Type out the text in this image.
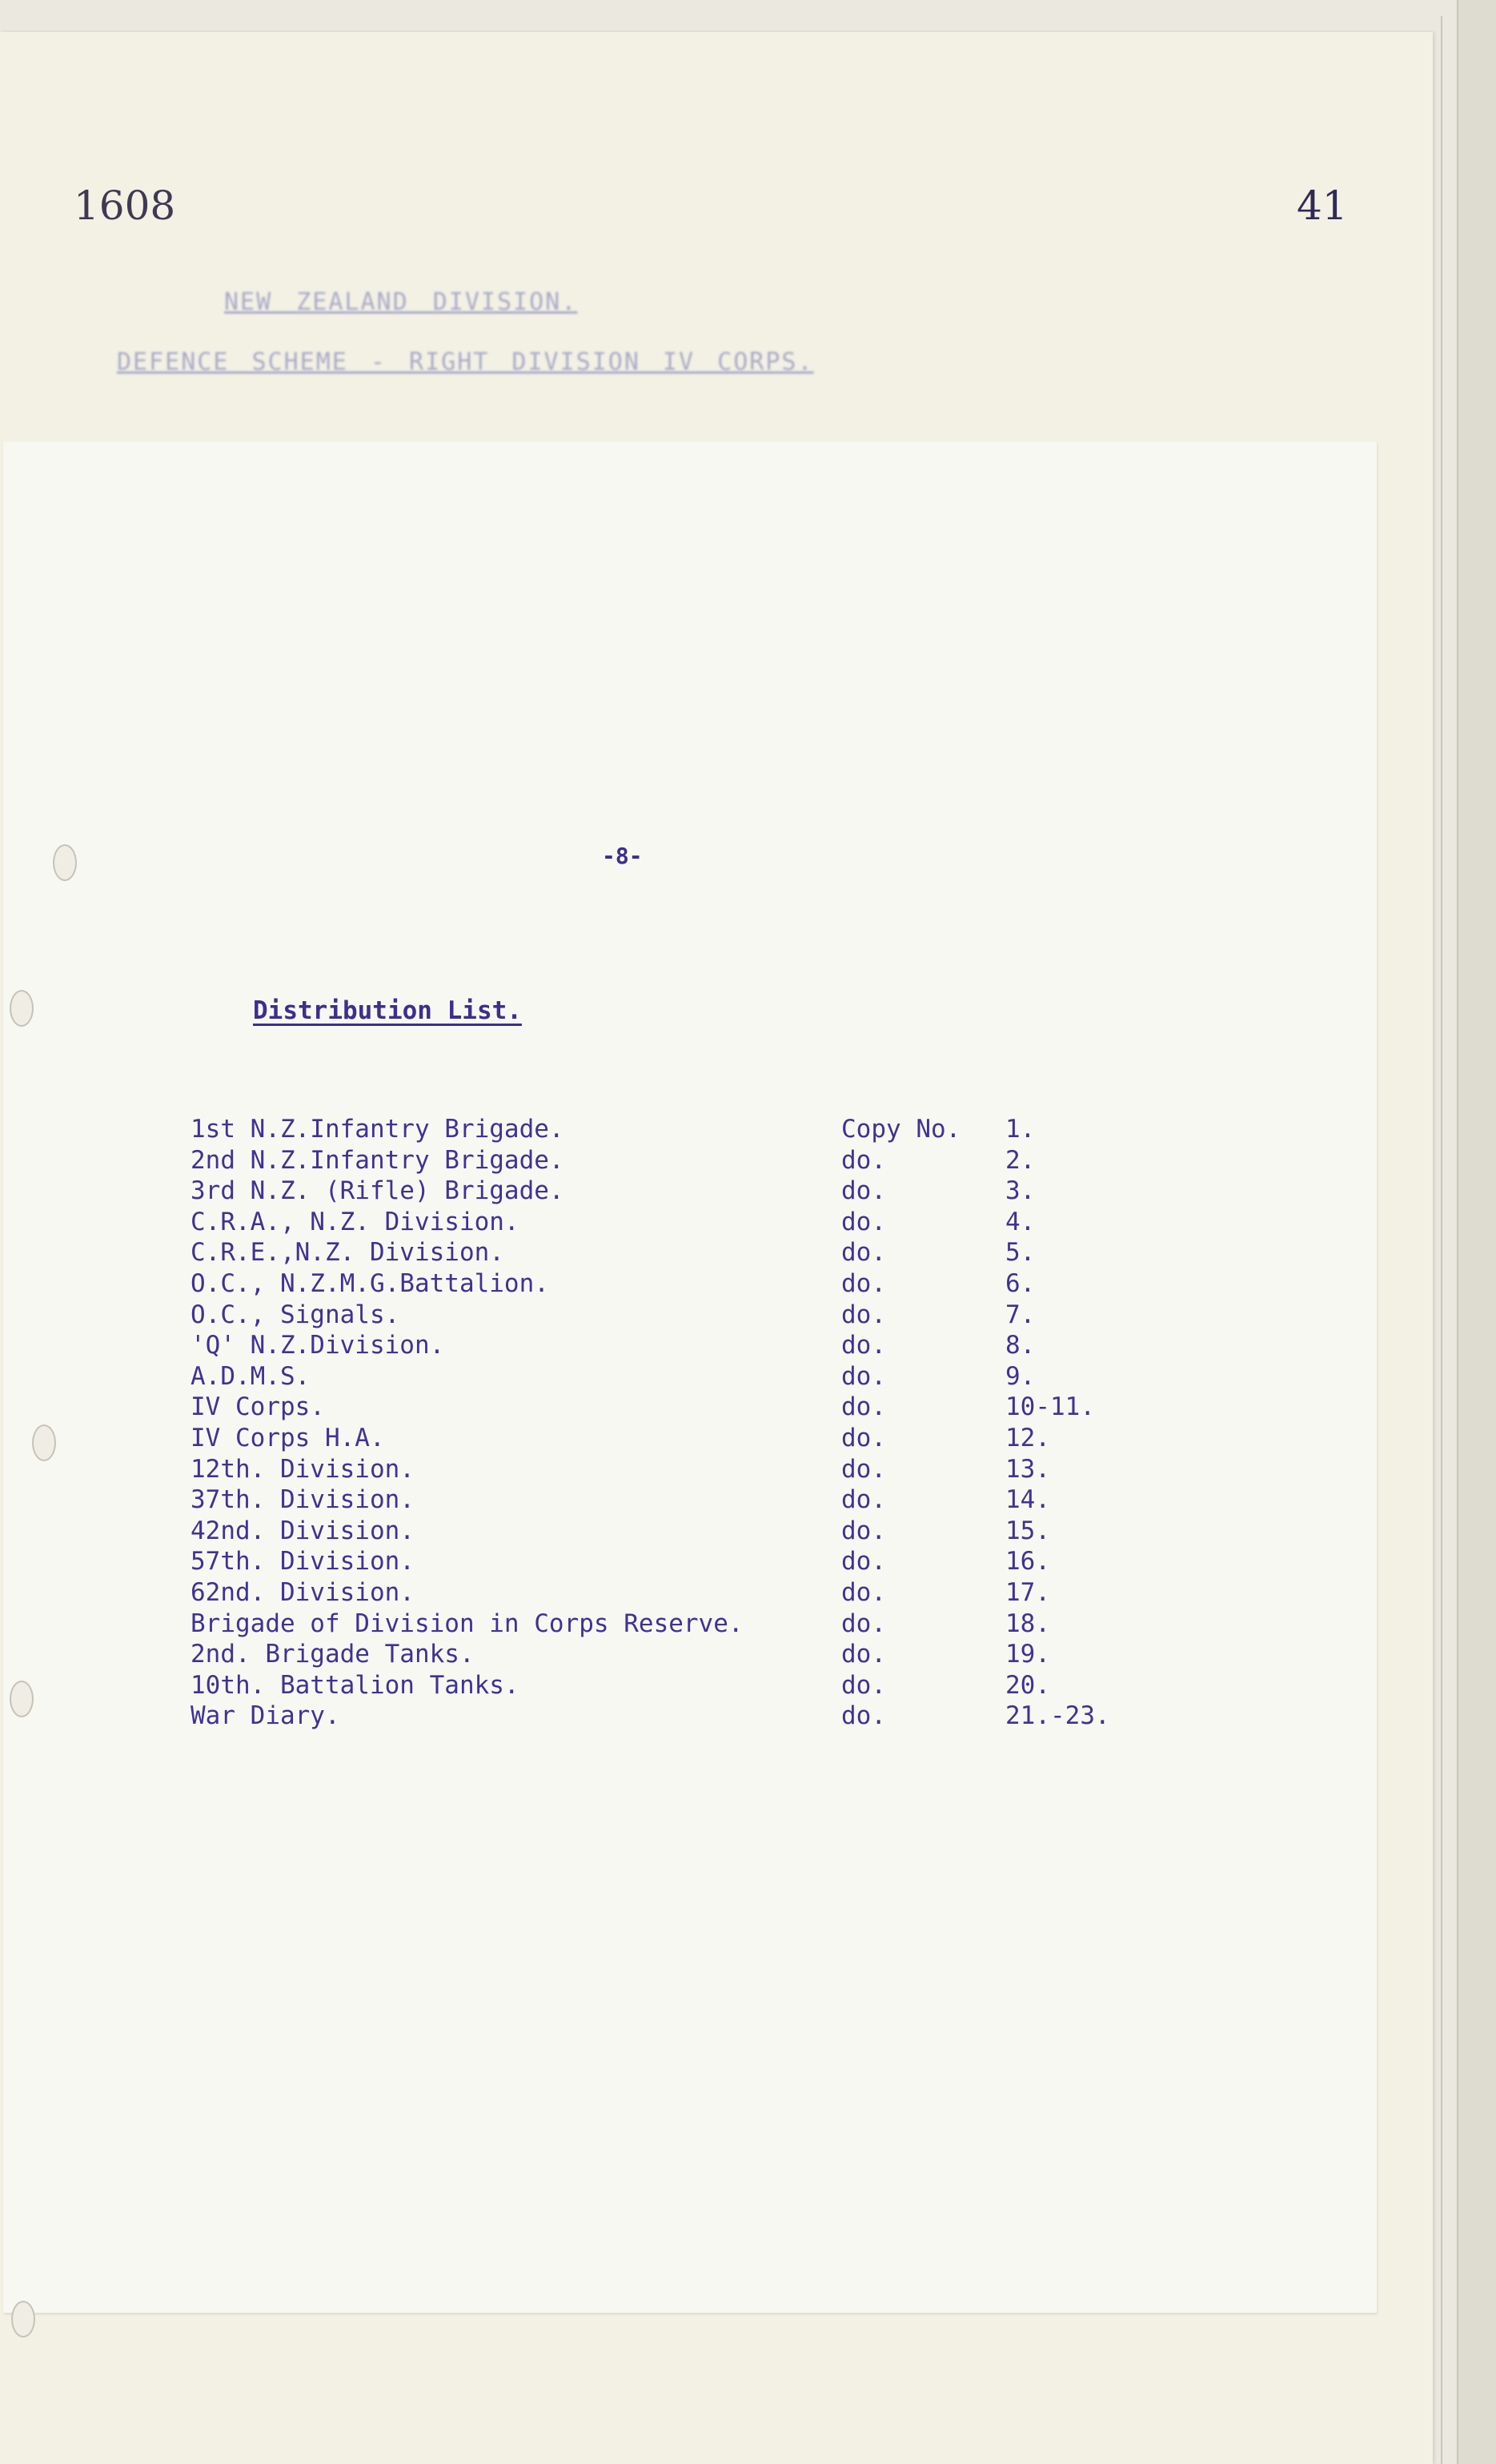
1608	41
NEW ZEALAND DIVISION.
DEFENCE SCHEME - RIGHT DIVISION IV CORPS.
-8-
Distribution List.
1st N.Z.Infantry Brigade.	Copy No. 1.
2nd N.Z.Infantry Brigade.	do.	2.
3rd N.Z. (Rifle) Brigade.	do.	3.
C.R.A., N.Z. Division.	do.	4.
C.R.E.,N.Z. Division.	do.	5.
O.C., N.Z.M.G.Battalion.	do.	6.
O.C., Signals.	do.	7.
'Q' N.Z.Division.	do.	8.
A.D.M.S.	do.	9.
IV Corps.	do.	10-11.
IV Corps H.A.	do.	12.
12th. Division.	do.	13.
37th. Division.	do.	14.
42nd. Division.	do.	15.
57th. Division.	do.	16.
62nd. Division.	do.	17.
Brigade of Division in Corps Reserve.	do.	18.
2nd. Brigade Tanks.	do.	19.
10th. Battalion Tanks.	do.	20.
War Diary.	do.	21.-23.
